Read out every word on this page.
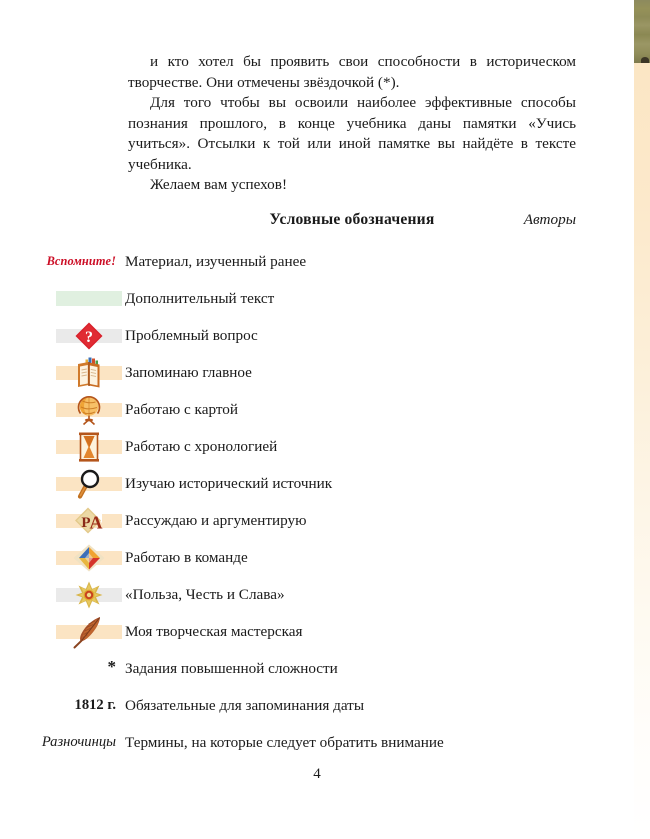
и кто хотел бы проявить свои способности в историческом творчестве. Они отмечены звёздочкой (*).

Для того чтобы вы освоили наиболее эффективные способы познания прошлого, в конце учебника даны памятки «Учись учиться». Отсылки к той или иной памятке вы найдёте в тексте учебника.

Желаем вам успехов!

Авторы

Условные обозначения
Вспомните! Материал, изученный ранее
Дополнительный текст
? Проблемный вопрос
Запоминаю главное
Работаю с картой
Работаю с хронологией
Изучаю исторический источник
Р
А Рассуждаю и аргументирую
Работаю в команде
«Польза, Честь и Слава»
Моя творческая мастерская
* Задания повышенной сложности
1812 г. Обязательные для запоминания даты
Разночинцы Термины, на которые следует обратить внимание
4
